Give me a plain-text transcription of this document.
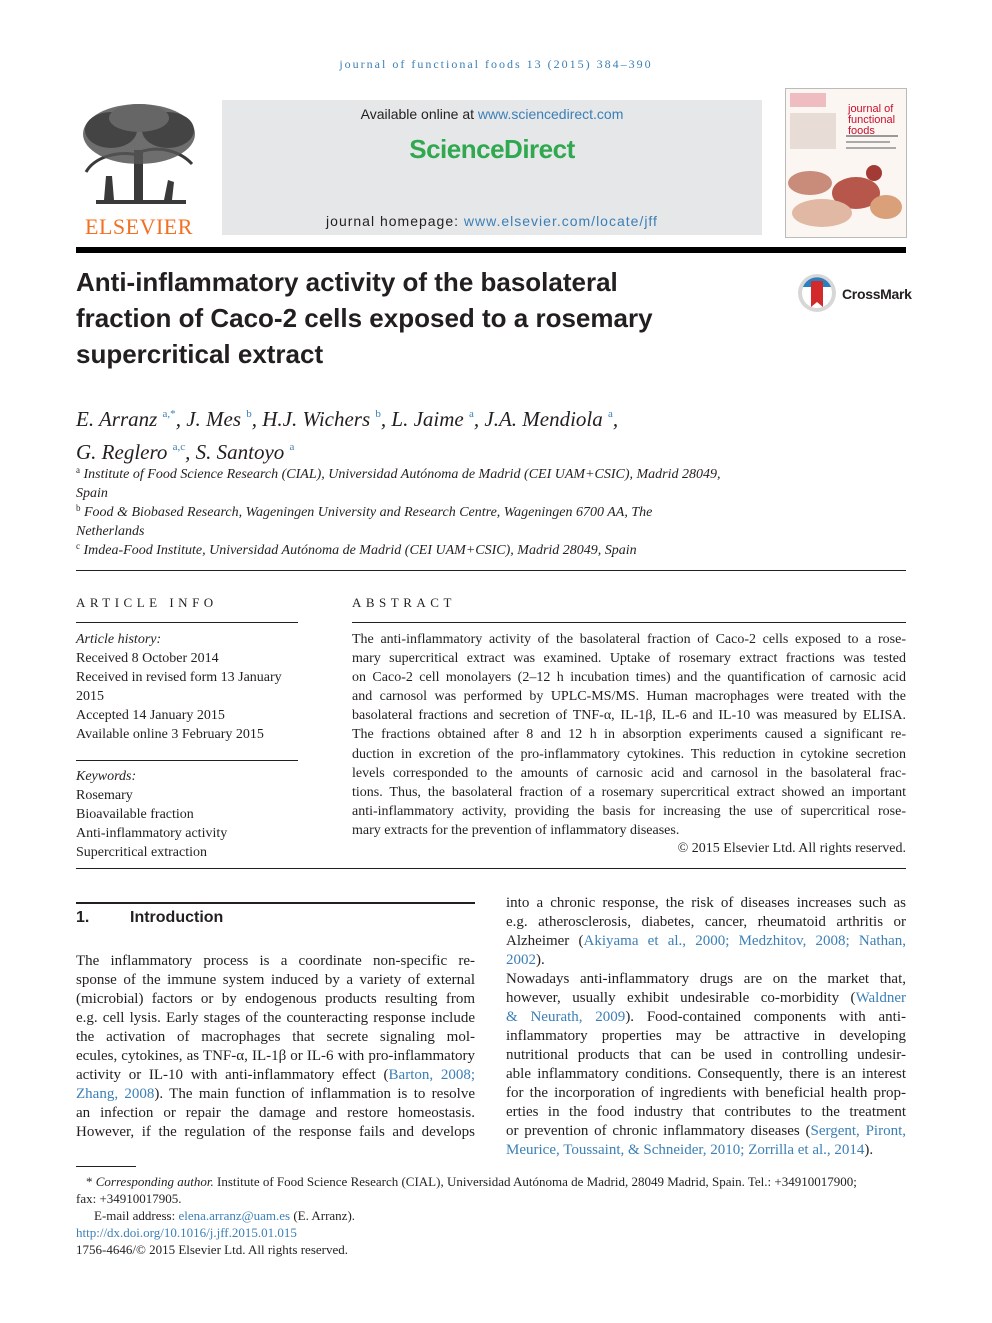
journal of functional foods 13 (2015) 384–390
ELSEVIER
Available online at www.sciencedirect.com
ScienceDirect
journal homepage: www.elsevier.com/locate/jff
journal of functional foods
Anti-inflammatory activity of the basolateral
fraction of Caco-2 cells exposed to a rosemary
supercritical extract
CrossMark
E. Arranz $^{a,*}$, J. Mes $^b$, H.J. Wichers $^b$, L. Jaime $^a$, J.A. Mendiola $^a$,
G. Reglero $^{a,c}$, S. Santoyo $^a$
$^a$ Institute of Food Science Research (CIAL), Universidad Autónoma de Madrid (CEI UAM+CSIC), Madrid 28049,
Spain
$^b$ Food & Biobased Research, Wageningen University and Research Centre, Wageningen 6700 AA, The
Netherlands
$^c$ Imdea-Food Institute, Universidad Autónoma de Madrid (CEI UAM+CSIC), Madrid 28049, Spain
ARTICLE INFO
Article history:
Received 8 October 2014
Received in revised form 13 January
2015
Accepted 14 January 2015
Available online 3 February 2015
Keywords:
Rosemary
Bioavailable fraction
Anti-inflammatory activity
Supercritical extraction
ABSTRACT
The anti-inflammatory activity of the basolateral fraction of Caco-2 cells exposed to a rose-
mary supercritical extract was examined. Uptake of rosemary extract fractions was tested
on Caco-2 cell monolayers (2–12 h incubation times) and the quantification of carnosic acid
and carnosol was performed by UPLC-MS/MS. Human macrophages were treated with the
basolateral fractions and secretion of TNF-α, IL-1β, IL-6 and IL-10 was measured by ELISA.
The fractions obtained after 8 and 12 h in absorption experiments caused a significant re-
duction in excretion of the pro-inflammatory cytokines. This reduction in cytokine secretion
levels corresponded to the amounts of carnosic acid and carnosol in the basolateral frac-
tions. Thus, the basolateral fraction of a rosemary supercritical extract showed an important
anti-inflammatory activity, providing the basis for increasing the use of supercritical rose-
mary extracts for the prevention of inflammatory diseases.
© 2015 Elsevier Ltd. All rights reserved.
1.	Introduction
The inflammatory process is a coordinate non-specific re-
sponse of the immune system induced by a variety of external
(microbial) factors or by endogenous products resulting from
e.g. cell lysis. Early stages of the counteracting response include
the activation of macrophages that secrete signaling mol-
ecules, cytokines, as TNF-α, IL-1β or IL-6 with pro-inflammatory
activity or IL-10 with anti-inflammatory effect (Barton, 2008;
Zhang, 2008). The main function of inflammation is to resolve
an infection or repair the damage and restore homeostasis.
However, if the regulation of the response fails and develops
into a chronic response, the risk of diseases increases such as
e.g. atherosclerosis, diabetes, cancer, rheumatoid arthritis or
Alzheimer (Akiyama et al., 2000; Medzhitov, 2008; Nathan, 2002).
Nowadays anti-inflammatory drugs are on the market that,
however, usually exhibit undesirable co-morbidity (Waldner
& Neurath, 2009). Food-contained components with anti-
inflammatory properties may be attractive in developing
nutritional products that can be used in controlling undesir-
able inflammatory conditions. Consequently, there is an interest
for the incorporation of ingredients with beneficial health prop-
erties in the food industry that contributes to the treatment
or prevention of chronic inflammatory diseases (Sergent, Piront,
Meurice, Toussaint, & Schneider, 2010; Zorrilla et al., 2014).
* Corresponding author. Institute of Food Science Research (CIAL), Universidad Autónoma de Madrid, 28049 Madrid, Spain. Tel.: +34910017900;
fax: +34910017905.
E-mail address: elena.arranz@uam.es (E. Arranz).
http://dx.doi.org/10.1016/j.jff.2015.01.015
1756-4646/© 2015 Elsevier Ltd. All rights reserved.
